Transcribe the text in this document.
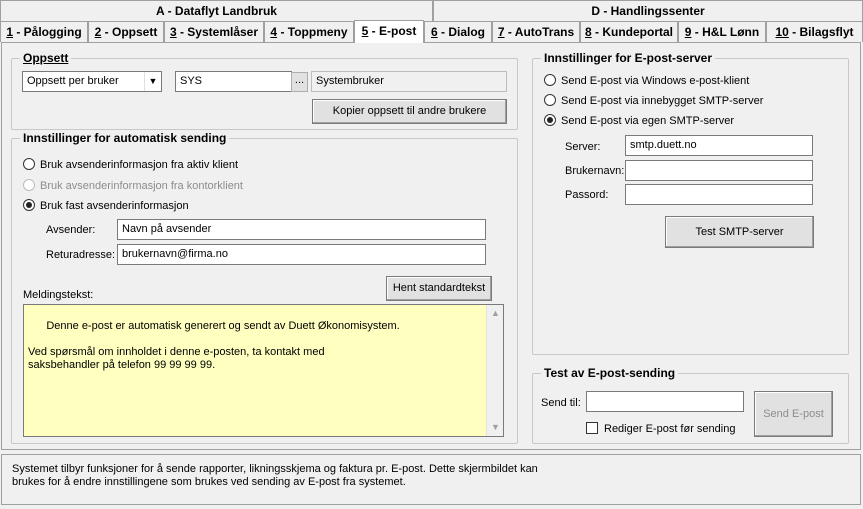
A - Dataflyt Landbruk	D - Handlingssenter
1 - Pålogging	2 - Oppsett	3 - Systemlåser	4 - Toppmeny	5 - E-post	6 - Dialog	7 - AutoTrans 8 - Kundeportal 9 - H&L Lønn	10 - Bilagsflyt
Oppsett
Oppsett per bruker	▼	SYS	...	Systembruker
Kopier oppsett til andre brukere
Innstillinger for automatisk sending
Bruk avsenderinformasjon fra aktiv klient
Bruk avsenderinformasjon fra kontorklient
Bruk fast avsenderinformasjon
Avsender:	Navn på avsender
Returadresse: brukernavn@firma.no
Meldingstekst:
Hent standardtekst

Denne e-post er automatisk generert og sendt av Duett Økonomisystem.

Ved spørsmål om innholdet i denne e-posten, ta kontakt med
saksbehandler på telefon 99 99 99 99.

▲

▼

Innstillinger for E-post-server
Send E-post via Windows e-post-klient
Send E-post via innebygget SMTP-server
Send E-post via egen SMTP-server
Server:	smtp.duett.no
Brukernavn:
Passord:
Test SMTP-server
Test av E-post-sending
Send til:
Rediger E-post før sending
Send E-post
Systemet tilbyr funksjoner for å sende rapporter, likningsskjema og faktura pr. E-post. Dette skjermbildet kan
brukes for å endre innstillingene som brukes ved sending av E-post fra systemet.
